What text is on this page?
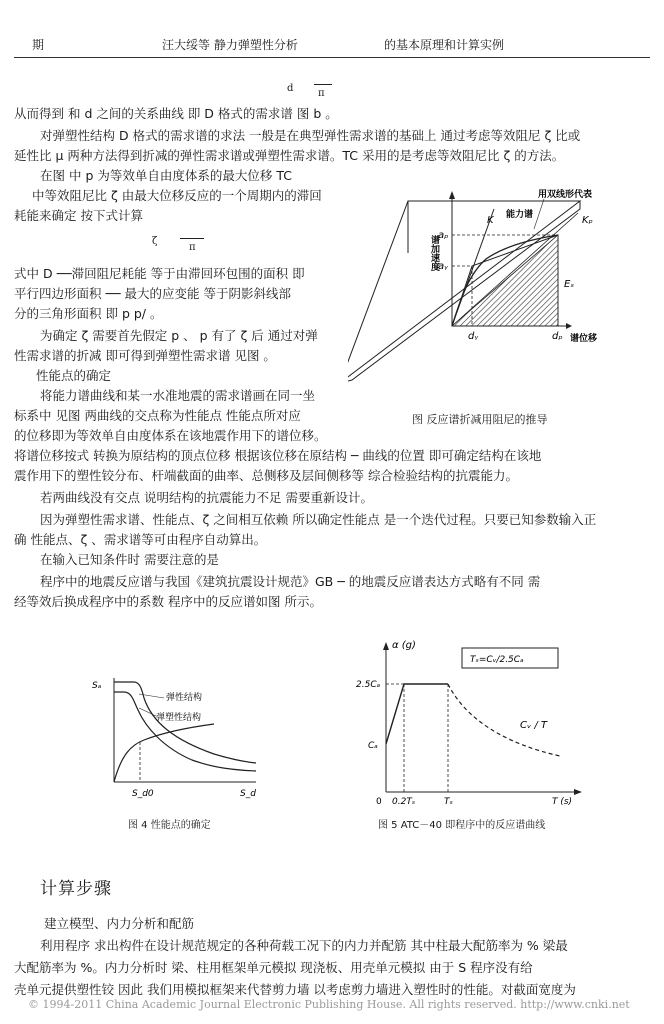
期	汪大绥等 静力弹塑性分析	的基本原理和计算实例
d π
从而得到 和 d 之间的关系曲线 即 D 格式的需求谱 图 b 。
对弹塑性结构 D 格式的需求谱的求法 一般是在典型弹性需求谱的基础上 通过考虑等效阻尼 ζ 比或
延性比 μ 两种方法得到折减的弹性需求谱或弹塑性需求谱。TC 采用的是考虑等效阻尼比 ζ 的方法。
在图 中 p 为等效单自由度体系的最大位移 TC
中等效阻尼比 ζ 由最大位移反应的一个周期内的滞回
耗能来确定 按下式计算
ζ
π
式中 D ──滞回阻尼耗能 等于由滞回环包围的面积 即
平行四边形面积 ── 最大的应变能 等于阴影斜线部
分的三角形面积 即 p p/ 。
为确定 ζ 需要首先假定 p 、 p 有了 ζ 后 通过对弹
性需求谱的折减 即可得到弹塑性需求谱 见图 。
性能点的确定
将能力谱曲线和某一水准地震的需求谱画在同一坐
标系中 见图 两曲线的交点称为性能点 性能点所对应
的位移即为等效单自由度体系在该地震作用下的谱位移。
将谱位移按式 转换为原结构的顶点位移 根据该位移在原结构 ─ 曲线的位置 即可确定结构在该地
震作用下的塑性铰分布、杆端截面的曲率、总侧移及层间侧移等 综合检验结构的抗震能力。
若两曲线没有交点 说明结构的抗震能力不足 需要重新设计。
因为弹塑性需求谱、性能点、ζ 之间相互依赖 所以确定性能点 是一个迭代过程。只要已知参数输入正
确 性能点、ζ 、需求谱等可由程序自动算出。
在输入已知条件时 需要注意的是
程序中的地震反应谱与我国《建筑抗震设计规范》GB ─ 的地震反应谱表达方式略有不同 需
经等效后换成程序中的系数 程序中的反应谱如图 所示。
谱加速度
谱位移
用双线形代表
能力谱
K	Kₚ
aₚ
aᵧ
dᵧ	dₚ
Eₛ
图 反应谱折减用阻尼的推导
Sₐ
S_d
S_d0
弹性结构
弹塑性结构
图 4 性能点的确定
Tₛ=Cᵥ/2.5Cₐ
α (g)
2.5Cₐ
Cₐ
Cᵥ / T
0 0.2Tₛ	Tₛ	T (s)
图 5 ATC－40 即程序中的反应谱曲线
计算步骤
建立模型、内力分析和配筋
利用程序 求出构件在设计规范规定的各种荷载工况下的内力并配筋 其中柱最大配筋率为 % 梁最
大配筋率为 %。内力分析时 梁、柱用框架单元模拟 现浇板、用壳单元模拟 由于 S 程序没有给
壳单元提供塑性铰 因此 我们用模拟框架来代替剪力墙 以考虑剪力墙进入塑性时的性能。对截面宽度为
© 1994-2011 China Academic Journal Electronic Publishing House. All rights reserved. http://www.cnki.net
